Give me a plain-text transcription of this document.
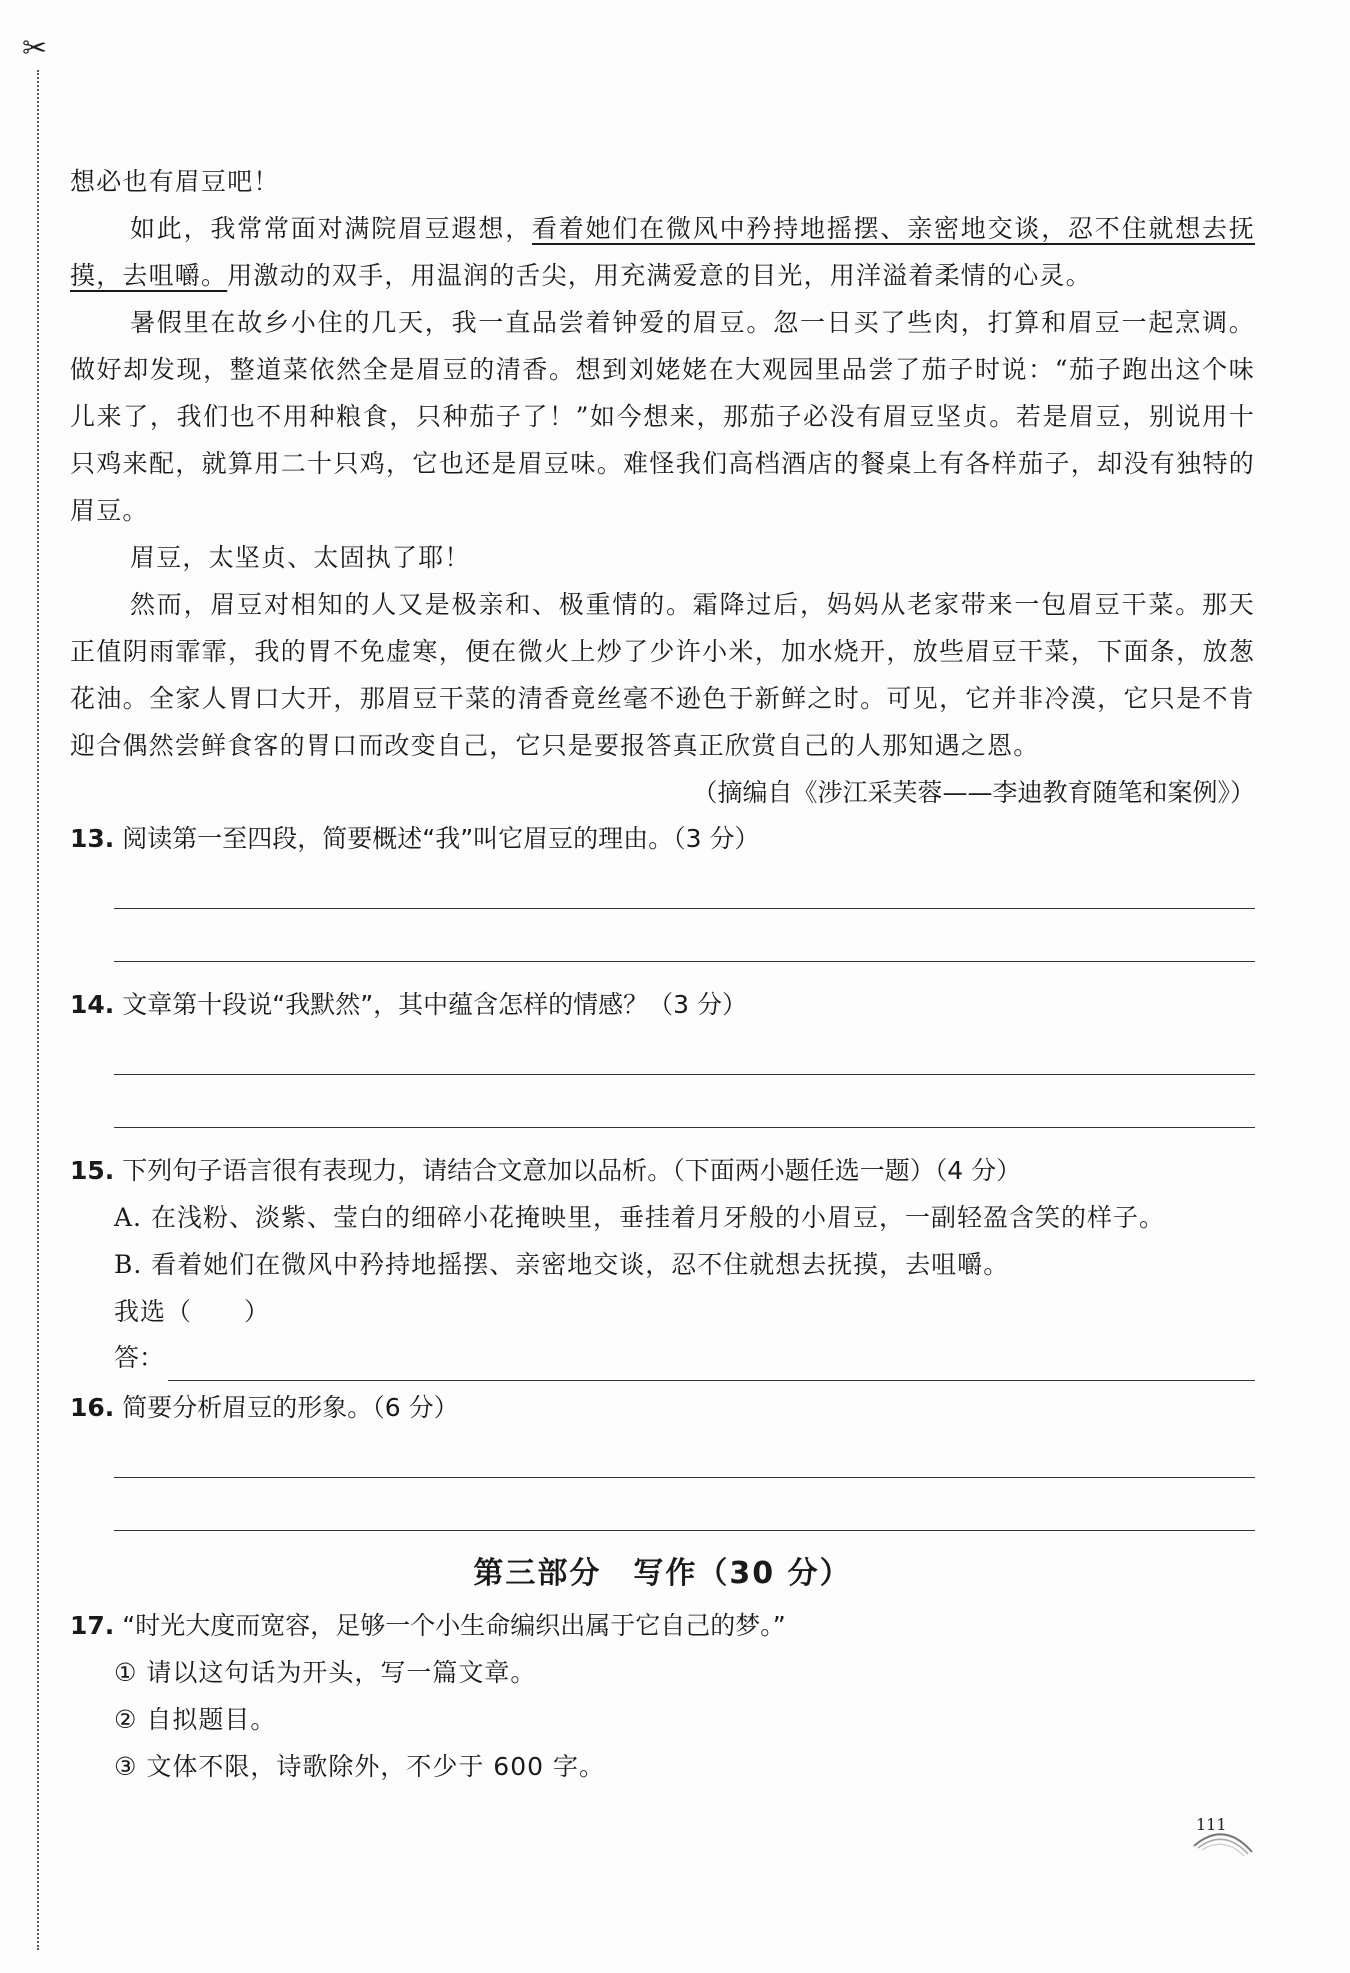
✂

想必也有眉豆吧！

如此，我常常面对满院眉豆遐想，看着她们在微风中矜持地摇摆、亲密地交谈，忍不住就想去抚摸，去咀嚼。用激动的双手，用温润的舌尖，用充满爱意的目光，用洋溢着柔情的心灵。

暑假里在故乡小住的几天，我一直品尝着钟爱的眉豆。忽一日买了些肉，打算和眉豆一起烹调。做好却发现，整道菜依然全是眉豆的清香。想到刘姥姥在大观园里品尝了茄子时说：“茄子跑出这个味儿来了，我们也不用种粮食，只种茄子了！”如今想来，那茄子必没有眉豆坚贞。若是眉豆，别说用十只鸡来配，就算用二十只鸡，它也还是眉豆味。难怪我们高档酒店的餐桌上有各样茄子，却没有独特的眉豆。

眉豆，太坚贞、太固执了耶！

然而，眉豆对相知的人又是极亲和、极重情的。霜降过后，妈妈从老家带来一包眉豆干菜。那天正值阴雨霏霏，我的胃不免虚寒，便在微火上炒了少许小米，加水烧开，放些眉豆干菜，下面条，放葱花油。全家人胃口大开，那眉豆干菜的清香竟丝毫不逊色于新鲜之时。可见，它并非冷漠，它只是不肯迎合偶然尝鲜食客的胃口而改变自己，它只是要报答真正欣赏自己的人那知遇之恩。

（摘编自《涉江采芙蓉——李迪教育随笔和案例》）

13. 阅读第一至四段，简要概述“我”叫它眉豆的理由。（3 分）

14. 文章第十段说“我默然”，其中蕴含怎样的情感？（3 分）

15. 下列句子语言很有表现力，请结合文意加以品析。（下面两小题任选一题）（4 分）

A. 在浅粉、淡紫、莹白的细碎小花掩映里，垂挂着月牙般的小眉豆，一副轻盈含笑的样子。
B. 看着她们在微风中矜持地摇摆、亲密地交谈，忍不住就想去抚摸，去咀嚼。
我选（　　）
答：

16. 简要分析眉豆的形象。（6 分）

第三部分　写作（30 分）

17. “时光大度而宽容，足够一个小生命编织出属于它自己的梦。”

① 请以这句话为开头，写一篇文章。
② 自拟题目。
③ 文体不限，诗歌除外，不少于 600 字。
111
